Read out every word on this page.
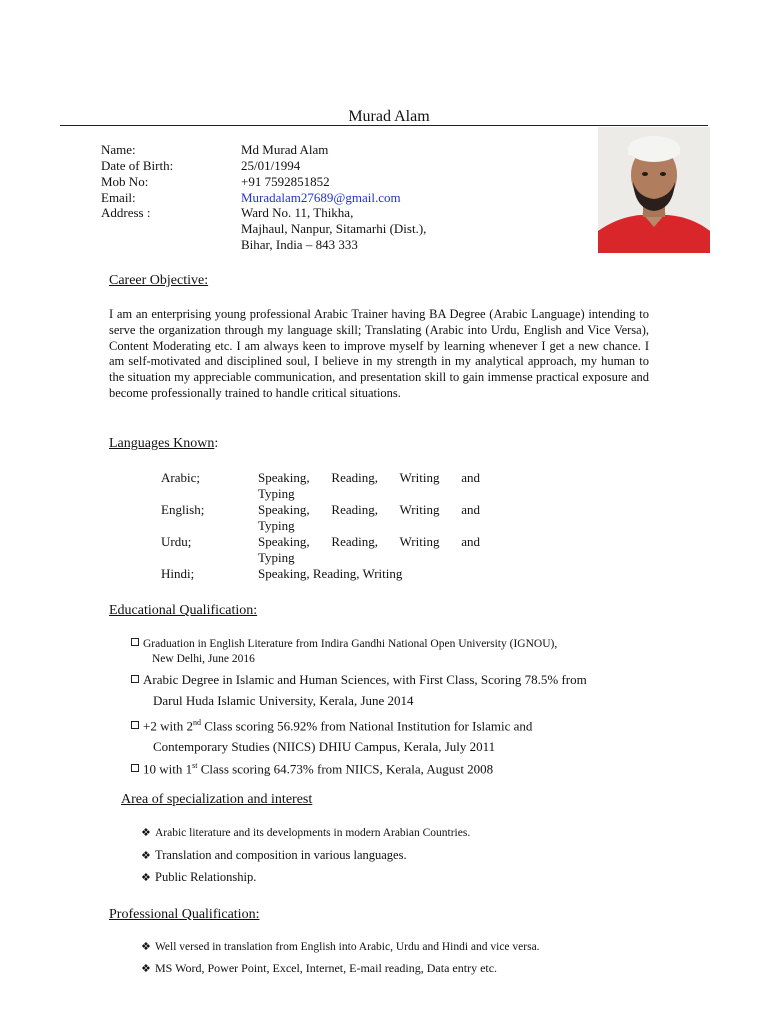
Murad Alam
Name:	Md Murad Alam
Date of Birth:	25/01/1994
Mob No:	+91 7592851852
Email:	Muradalam27689@gmail.com
Address :	Ward No. 11, Thikha,
Majhaul, Nanpur, Sitamarhi (Dist.),
Bihar, India – 843 333
Career Objective:
I am an enterprising young professional Arabic Trainer having BA Degree (Arabic Language) intending to serve the organization through my language skill; Translating (Arabic into Urdu, English and Vice Versa), Content Moderating etc. I am always keen to improve myself by learning whenever I get a new chance. I am self-motivated and disciplined soul, I believe in my strength in my analytical approach, my human to the situation my appreciable communication, and presentation skill to gain immense practical exposure and become professionally trained to handle critical situations.
Languages Known:
Arabic;	Speaking, Reading, Writing and
Typing
English;	Speaking, Reading, Writing and
Typing
Urdu;	Speaking, Reading, Writing and
Typing
Hindi;	Speaking, Reading, Writing
Educational Qualification:
Graduation in English Literature from Indira Gandhi National Open University (IGNOU),
New Delhi, June 2016
Arabic Degree in Islamic and Human Sciences, with First Class, Scoring 78.5% from
Darul Huda Islamic University, Kerala, June 2014
+2 with 2nd Class scoring 56.92% from National Institution for Islamic and
Contemporary Studies (NIICS) DHIU Campus, Kerala, July 2011
10 with 1st Class scoring 64.73% from NIICS, Kerala, August 2008
Area of specialization and interest
❖ Arabic literature and its developments in modern Arabian Countries.
❖ Translation and composition in various languages.
❖ Public Relationship.
Professional Qualification:
❖ Well versed in translation from English into Arabic, Urdu and Hindi and vice versa.
❖ MS Word, Power Point, Excel, Internet, E-mail reading, Data entry etc.
